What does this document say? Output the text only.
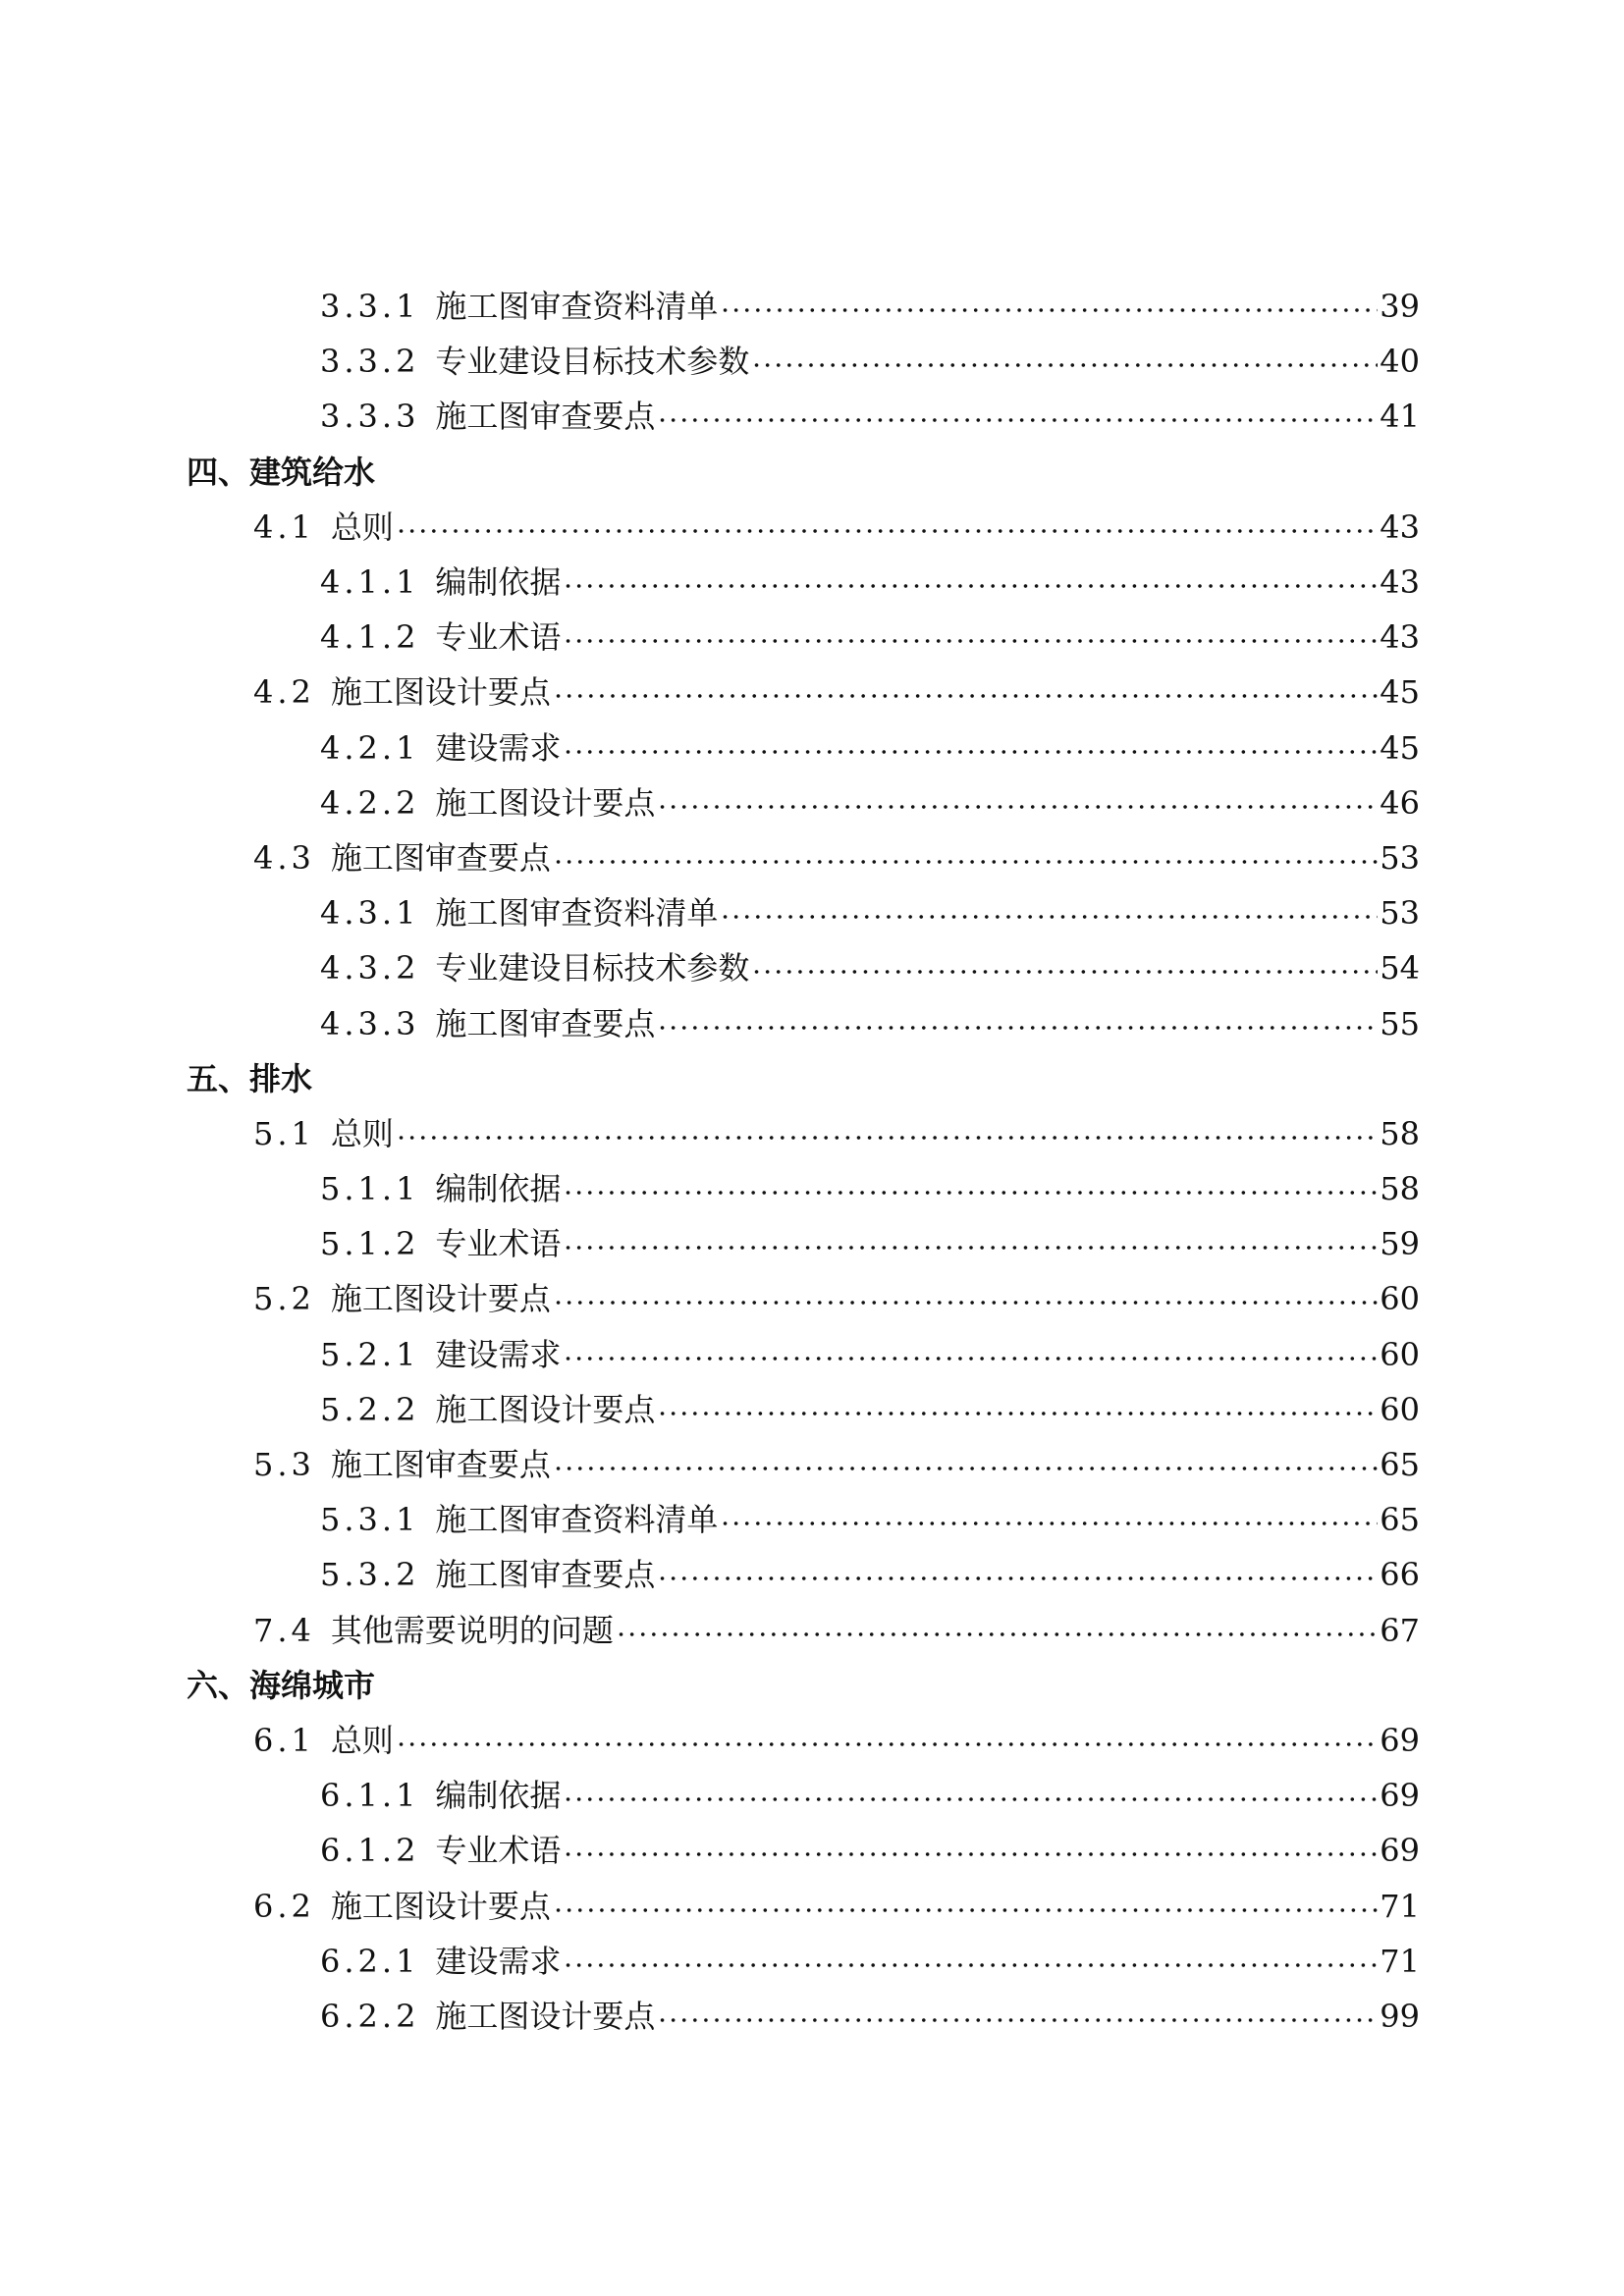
3.3.1 施工图审查资料清单	39
3.3.2 专业建设目标技术参数	40
3.3.3 施工图审查要点	41
四、建筑给水
4.1 总则	43
4.1.1 编制依据	43
4.1.2 专业术语	43
4.2 施工图设计要点	45
4.2.1 建设需求	45
4.2.2 施工图设计要点	46
4.3 施工图审查要点	53
4.3.1 施工图审查资料清单	53
4.3.2 专业建设目标技术参数	54
4.3.3 施工图审查要点	55
五、排水
5.1 总则	58
5.1.1 编制依据	58
5.1.2 专业术语	59
5.2 施工图设计要点	60
5.2.1 建设需求	60
5.2.2 施工图设计要点	60
5.3 施工图审查要点	65
5.3.1 施工图审查资料清单	65
5.3.2 施工图审查要点	66
7.4 其他需要说明的问题	67
六、海绵城市
6.1 总则	69
6.1.1 编制依据	69
6.1.2 专业术语	69
6.2 施工图设计要点	71
6.2.1 建设需求	71
6.2.2 施工图设计要点	99
